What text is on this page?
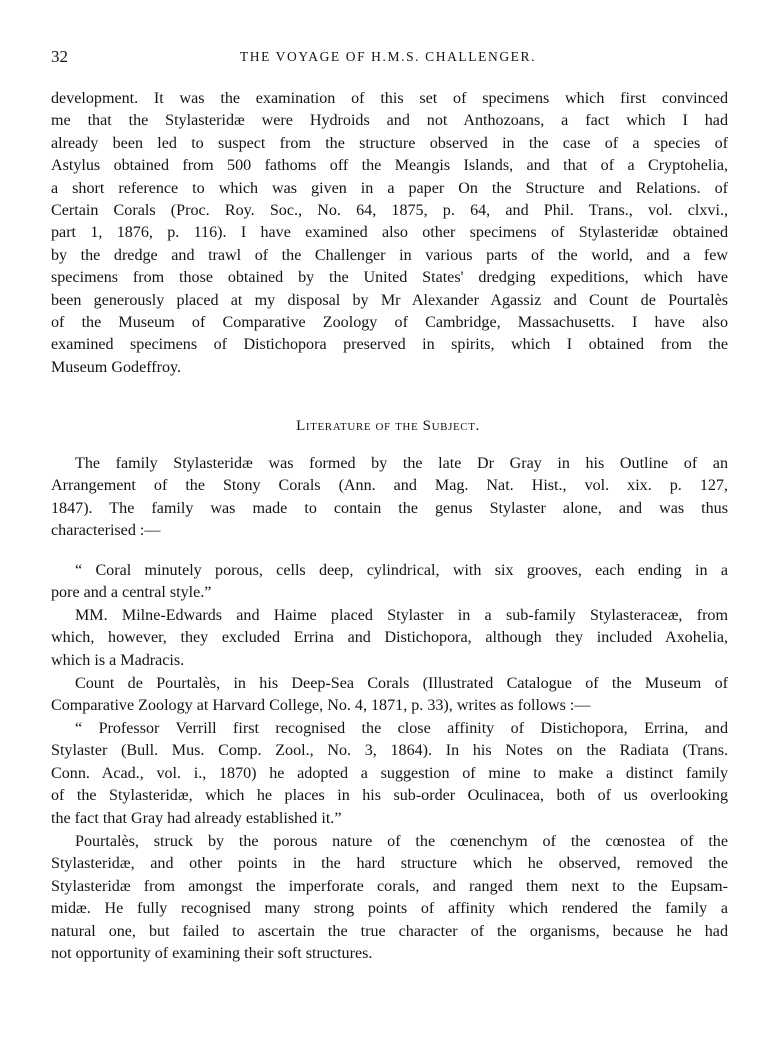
32	THE VOYAGE OF H.M.S. CHALLENGER.

development. It was the examination of this set of specimens which first convinced

me that the Stylasteridæ were Hydroids and not Anthozoans, a fact which I had

already been led to suspect from the structure observed in the case of a species of

Astylus obtained from 500 fathoms off the Meangis Islands, and that of a Cryptohelia,

a short reference to which was given in a paper On the Structure and Relations. of

Certain Corals (Proc. Roy. Soc., No. 64, 1875, p. 64, and Phil. Trans., vol. clxvi.,

part 1, 1876, p. 116). I have examined also other specimens of Stylasteridæ obtained

by the dredge and trawl of the Challenger in various parts of the world, and a few

specimens from those obtained by the United States' dredging expeditions, which have

been generously placed at my disposal by Mr Alexander Agassiz and Count de Pourtalès

of the Museum of Comparative Zoology of Cambridge, Massachusetts. I have also

examined specimens of Distichopora preserved in spirits, which I obtained from the

Museum Godeffroy.

Literature of the Subject.

The family Stylasteridæ was formed by the late Dr Gray in his Outline of an

Arrangement of the Stony Corals (Ann. and Mag. Nat. Hist., vol. xix. p. 127,

1847). The family was made to contain the genus Stylaster alone, and was thus

characterised :—

“ Coral minutely porous, cells deep, cylindrical, with six grooves, each ending in a

pore and a central style.”

MM. Milne-Edwards and Haime placed Stylaster in a sub-family Stylasteraceæ, from

which, however, they excluded Errina and Distichopora, although they included Axohelia,

which is a Madracis.

Count de Pourtalès, in his Deep-Sea Corals (Illustrated Catalogue of the Museum of

Comparative Zoology at Harvard College, No. 4, 1871, p. 33), writes as follows :—

“ Professor Verrill first recognised the close affinity of Distichopora, Errina, and

Stylaster (Bull. Mus. Comp. Zool., No. 3, 1864). In his Notes on the Radiata (Trans.

Conn. Acad., vol. i., 1870) he adopted a suggestion of mine to make a distinct family

of the Stylasteridæ, which he places in his sub-order Oculinacea, both of us overlooking

the fact that Gray had already established it.”

Pourtalès, struck by the porous nature of the cœnenchym of the cœnostea of the

Stylasteridæ, and other points in the hard structure which he observed, removed the

Stylasteridæ from amongst the imperforate corals, and ranged them next to the Eupsam-

midæ. He fully recognised many strong points of affinity which rendered the family a

natural one, but failed to ascertain the true character of the organisms, because he had

not opportunity of examining their soft structures.
